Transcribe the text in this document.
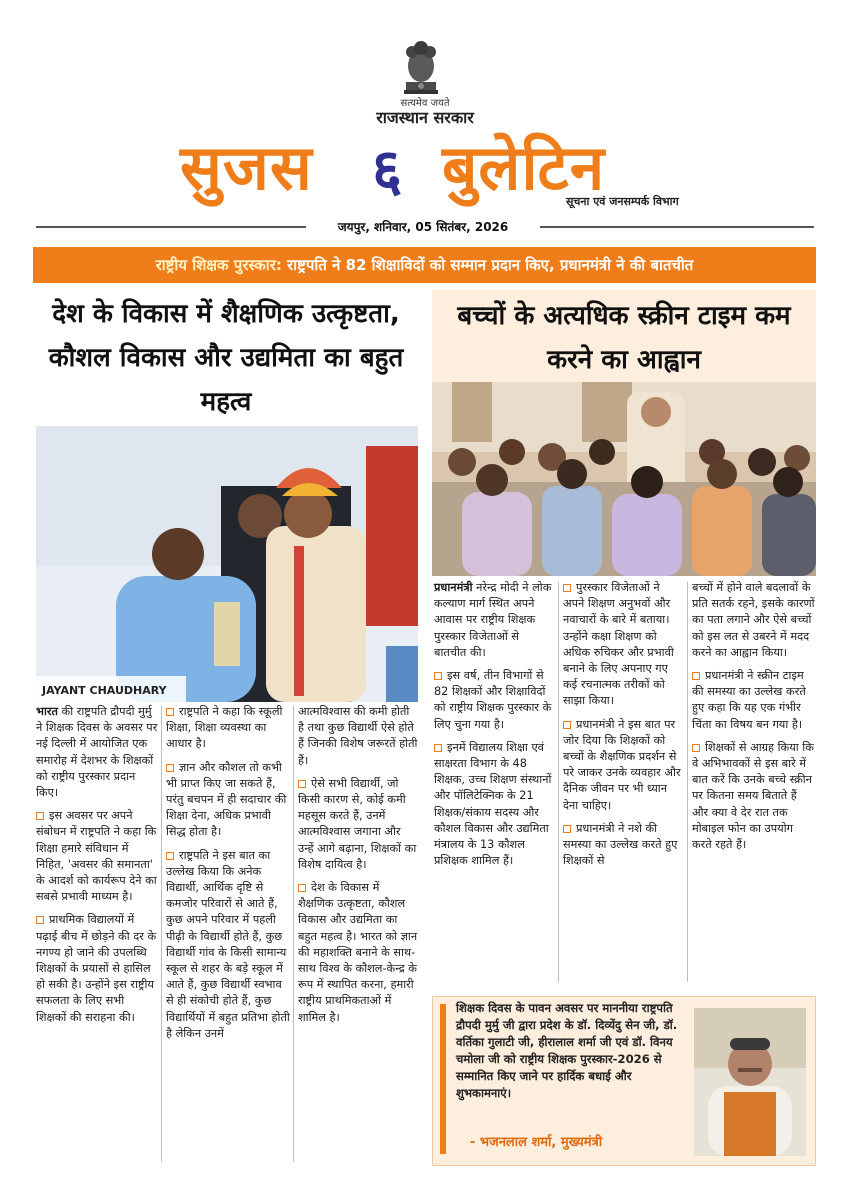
सत्यमेव जयते
राजस्थान सरकार
सुजस ६ बुलेटिन
सूचना एवं जनसम्पर्क विभाग
जयपुर, शनिवार, 05 सितंबर, 2026
राष्ट्रीय शिक्षक पुरस्कार: राष्ट्रपति ने 82 शिक्षाविदों को सम्मान प्रदान किए, प्रधानमंत्री ने की बातचीत
देश के विकास में शैक्षणिक उत्कृष्टता, कौशल विकास और उद्यमिता का बहुत महत्व
बच्चों के अत्यधिक स्क्रीन टाइम कम करने का आह्वान
JAYANT CHAUDHARY

भारत की राष्ट्रपति द्रौपदी मुर्मु ने शिक्षक दिवस के अवसर पर नई दिल्ली में आयोजित एक समारोह में देशभर के शिक्षकों को राष्ट्रीय पुरस्कार प्रदान किए।

इस अवसर पर अपने संबोधन में राष्ट्रपति ने कहा कि शिक्षा हमारे संविधान में निहित, 'अवसर की समानता' के आदर्श को कार्यरूप देने का सबसे प्रभावी माध्यम है।

प्राथमिक विद्यालयों में पढ़ाई बीच में छोड़ने की दर के नगण्य हो जाने की उपलब्धि शिक्षकों के प्रयासों से हासिल हो सकी है। उन्होंने इस राष्ट्रीय सफलता के लिए सभी शिक्षकों की सराहना की।

राष्ट्रपति ने कहा कि स्कूली शिक्षा, शिक्षा व्यवस्था का आधार है।

ज्ञान और कौशल तो कभी भी प्राप्त किए जा सकते हैं, परंतु बचपन में ही सदाचार की शिक्षा देना, अधिक प्रभावी सिद्ध होता है।

राष्ट्रपति ने इस बात का उल्लेख किया कि अनेक विद्यार्थी, आर्थिक दृष्टि से कमजोर परिवारों से आते हैं, कुछ अपने परिवार में पहली पीढ़ी के विद्यार्थी होते हैं, कुछ विद्यार्थी गांव के किसी सामान्य स्कूल से शहर के बड़े स्कूल में आते हैं, कुछ विद्यार्थी स्वभाव से ही संकोची होते हैं, कुछ विद्यार्थियों में बहुत प्रतिभा होती है लेकिन उनमें

आत्मविश्वास की कमी होती है तथा कुछ विद्यार्थी ऐसे होते हैं जिनकी विशेष जरूरतें होती हैं।

ऐसे सभी विद्यार्थी, जो किसी कारण से, कोई कमी महसूस करते हैं, उनमें आत्मविश्वास जगाना और उन्हें आगे बढ़ाना, शिक्षकों का विशेष दायित्व है।

देश के विकास में शैक्षणिक उत्कृष्टता, कौशल विकास और उद्यमिता का बहुत महत्व है। भारत को ज्ञान की महाशक्ति बनाने के साथ-साथ विश्व के कौशल-केन्द्र के रूप में स्थापित करना, हमारी राष्ट्रीय प्राथमिकताओं में शामिल है।

प्रधानमंत्री नरेन्द्र मोदी ने लोक कल्याण मार्ग स्थित अपने आवास पर राष्ट्रीय शिक्षक पुरस्कार विजेताओं से बातचीत की।

इस वर्ष, तीन विभागों से 82 शिक्षकों और शिक्षाविदों को राष्ट्रीय शिक्षक पुरस्कार के लिए चुना गया है।

इनमें विद्यालय शिक्षा एवं साक्षरता विभाग के 48 शिक्षक, उच्च शिक्षण संस्थानों और पॉलिटेक्निक के 21 शिक्षक/संकाय सदस्य और कौशल विकास और उद्यमिता मंत्रालय के 13 कौशल प्रशिक्षक शामिल हैं।

पुरस्कार विजेताओं ने अपने शिक्षण अनुभवों और नवाचारों के बारे में बताया। उन्होंने कक्षा शिक्षण को अधिक रुचिकर और प्रभावी बनाने के लिए अपनाए गए कई रचनात्मक तरीकों को साझा किया।

प्रधानमंत्री ने इस बात पर जोर दिया कि शिक्षकों को बच्चों के शैक्षणिक प्रदर्शन से परे जाकर उनके व्यवहार और दैनिक जीवन पर भी ध्यान देना चाहिए।

प्रधानमंत्री ने नशे की समस्या का उल्लेख करते हुए शिक्षकों से

बच्चों में होने वाले बदलावों के प्रति सतर्क रहने, इसके कारणों का पता लगाने और ऐसे बच्चों को इस लत से उबरने में मदद करने का आह्वान किया।

प्रधानमंत्री ने स्क्रीन टाइम की समस्या का उल्लेख करते हुए कहा कि यह एक गंभीर चिंता का विषय बन गया है।

शिक्षकों से आग्रह किया कि वे अभिभावकों से इस बारे में बात करें कि उनके बच्चे स्क्रीन पर कितना समय बिताते हैं और क्या वे देर रात तक मोबाइल फोन का उपयोग करते रहते हैं।

शिक्षक दिवस के पावन अवसर पर माननीया राष्ट्रपति द्रौपदी मुर्मु जी द्वारा प्रदेश के डॉ. दिव्येंदु सेन जी, डॉ. वर्तिका गुलाटी जी, हीरालाल शर्मा जी एवं डॉ. विनय चमोला जी को राष्ट्रीय शिक्षक पुरस्कार-2026 से सम्मानित किए जाने पर हार्दिक बधाई और शुभकामनाएं।
- भजनलाल शर्मा, मुख्यमंत्री
